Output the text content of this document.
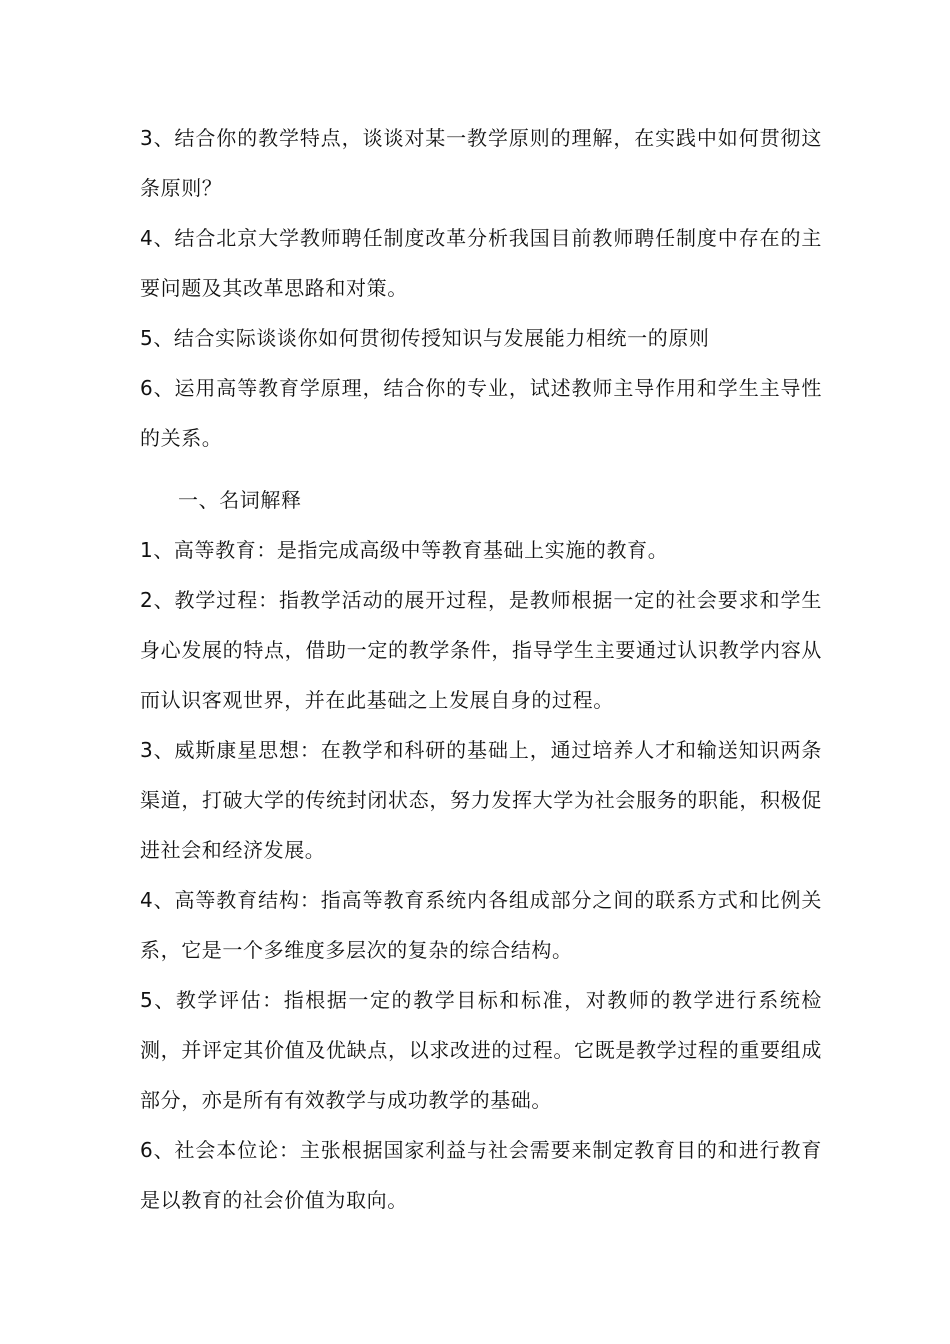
3、结合你的教学特点，谈谈对某一教学原则的理解，在实践中如何贯彻这条原则？

4、结合北京大学教师聘任制度改革分析我国目前教师聘任制度中存在的主要问题及其改革思路和对策。

5、结合实际谈谈你如何贯彻传授知识与发展能力相统一的原则

6、运用高等教育学原理，结合你的专业，试述教师主导作用和学生主导性的关系。

一、名词解释

1、高等教育：是指完成高级中等教育基础上实施的教育。

2、教学过程：指教学活动的展开过程，是教师根据一定的社会要求和学生身心发展的特点，借助一定的教学条件，指导学生主要通过认识教学内容从而认识客观世界，并在此基础之上发展自身的过程。

3、威斯康星思想：在教学和科研的基础上，通过培养人才和输送知识两条渠道，打破大学的传统封闭状态，努力发挥大学为社会服务的职能，积极促进社会和经济发展。

4、高等教育结构：指高等教育系统内各组成部分之间的联系方式和比例关系，它是一个多维度多层次的复杂的综合结构。

5、教学评估：指根据一定的教学目标和标准，对教师的教学进行系统检测，并评定其价值及优缺点，以求改进的过程。它既是教学过程的重要组成部分，亦是所有有效教学与成功教学的基础。

6、社会本位论：主张根据国家利益与社会需要来制定教育目的和进行教育是以教育的社会价值为取向。
